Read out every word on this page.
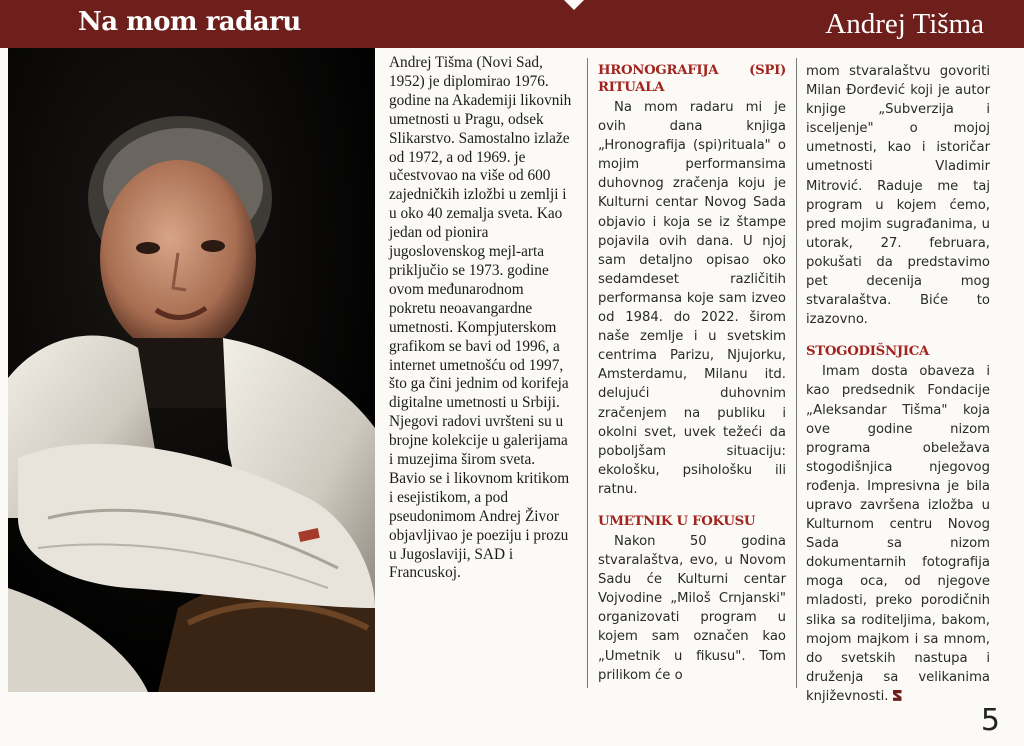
Na mom radaru	Andrej Tišma
Andrej Tišma (Novi Sad, 1952) je diplomirao 1976. godine na Akademiji likovnih umetnosti u Pragu, odsek Slikarstvo. Samostalno izlaže od 1972, a od 1969. je učestvovao na više od 600 zajedničkih izložbi u zemlji i u oko 40 zemalja sveta. Kao jedan od pionira jugoslovenskog mejl-arta priključio se 1973. godine ovom međunarodnom pokretu neoavangardne umetnosti. Kompjuterskom grafikom se bavi od 1996, a internet umetnošću od 1997, što ga čini jednim od korifeja digitalne umetnosti u Srbiji. Njegovi radovi uvršteni su u brojne kolekcije u galerijama i muzejima širom sveta. Bavio se i likovnom kritikom i esejistikom, a pod pseudonimom Andrej Živor objavljivao je poeziju i prozu u Jugoslaviji, SAD i Francuskoj.
HRONOGRAFIJA (SPI) RITUALA

Na mom radaru mi je ovih dana knjiga „Hronografija (spi)rituala" o mojim performansima duhovnog zračenja koju je Kulturni centar Novog Sada objavio i koja se iz štampe pojavila ovih dana. U njoj sam detaljno opisao oko sedamdeset različitih performansa koje sam izveo od 1984. do 2022. širom naše zemlje i u svetskim centrima Parizu, Njujorku, Amsterdamu, Milanu itd. delujući duhovnim zračenjem na publiku i okolni svet, uvek težeći da poboljšam situaciju: ekološku, psihološku ili ratnu.

UMETNIK U FOKUSU

Nakon 50 godina stvaralaštva, evo, u Novom Sadu će Kulturni centar Vojvodine „Miloš Crnjanski" organizovati program u kojem sam označen kao „Umetnik u fikusu". Tom prilikom će o

mom stvaralaštvu govoriti Milan Đorđević koji je autor knjige „Subverzija i isceljenje" o mojoj umetnosti, kao i istoričar umetnosti Vladimir Mitrović. Raduje me taj program u kojem ćemo, pred mojim sugrađanima, u utorak, 27. februara, pokušati da predstavimo pet decenija mog stvaralaštva. Biće to izazovno.

STOGODIŠNJICA

Imam dosta obaveza i kao predsednik Fondacije „Aleksandar Tišma" koja ove godine nizom programa obeležava stogodišnjica njegovog rođenja. Impresivna je bila upravo završena izložba u Kulturnom centru Novog Sada sa nizom dokumentarnih fotografija moga oca, od njegove mladosti, preko porodičnih slika sa roditeljima, bakom, mojom majkom i sa mnom, do svetskih nastupa i druženja sa velikanima književnosti.

5
